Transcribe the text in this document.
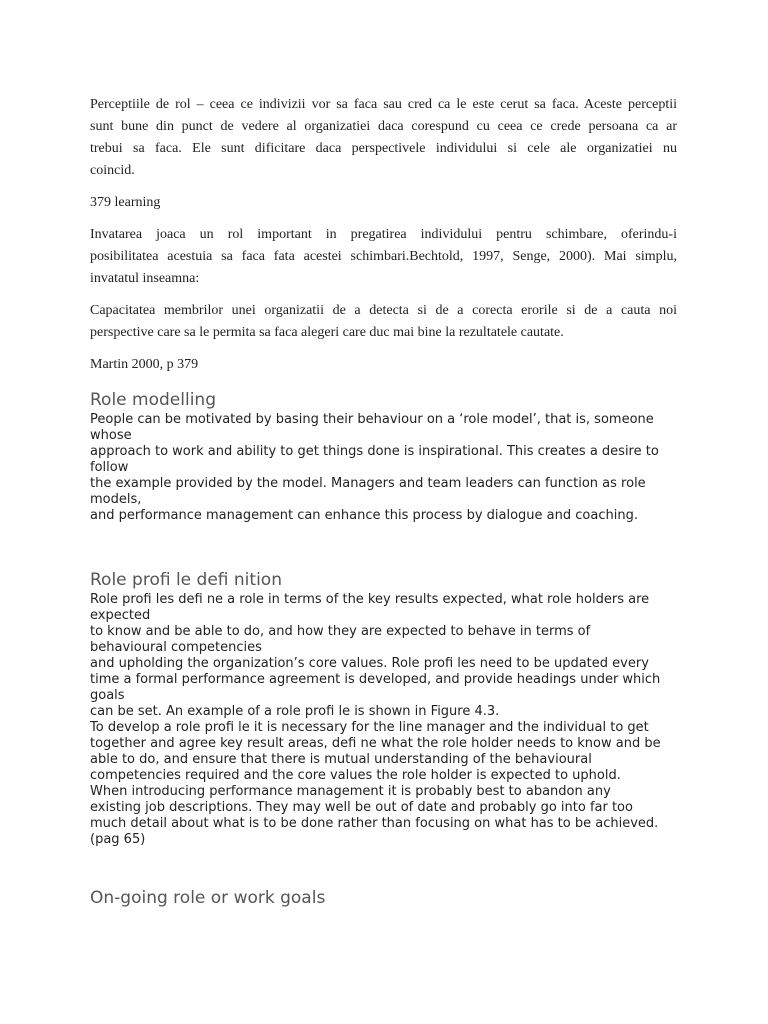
Perceptiile de rol – ceea ce indivizii vor sa faca sau cred ca le este cerut sa faca. Aceste perceptii
sunt bune din punct de vedere al organizatiei daca corespund cu ceea ce crede persoana ca ar
trebui sa faca. Ele sunt dificitare daca perspectivele individului si cele ale organizatiei nu
coincid.

379 learning

Invatarea joaca un rol important in pregatirea individului pentru schimbare, oferindu-i
posibilitatea acestuia sa faca fata acestei schimbari.Bechtold, 1997, Senge, 2000). Mai simplu,
invatatul inseamna:

Capacitatea membrilor unei organizatii de a detecta si de a corecta erorile si de a cauta noi
perspective care sa le permita sa faca alegeri care duc mai bine la rezultatele cautate.

Martin 2000, p 379

Role modelling
People can be motivated by basing their behaviour on a ‘role model’, that is, someone
whose
approach to work and ability to get things done is inspirational. This creates a desire to
follow
the example provided by the model. Managers and team leaders can function as role
models,
and performance management can enhance this process by dialogue and coaching.
Role profi le defi nition
Role profi les defi ne a role in terms of the key results expected, what role holders are
expected
to know and be able to do, and how they are expected to behave in terms of
behavioural competencies
and upholding the organization’s core values. Role profi les need to be updated every
time a formal performance agreement is developed, and provide headings under which
goals
can be set. An example of a role profi le is shown in Figure 4.3.
To develop a role profi le it is necessary for the line manager and the individual to get
together and agree key result areas, defi ne what the role holder needs to know and be
able to do, and ensure that there is mutual understanding of the behavioural
competencies required and the core values the role holder is expected to uphold.
When introducing performance management it is probably best to abandon any
existing job descriptions. They may well be out of date and probably go into far too
much detail about what is to be done rather than focusing on what has to be achieved.
(pag 65)
On-going role or work goals
